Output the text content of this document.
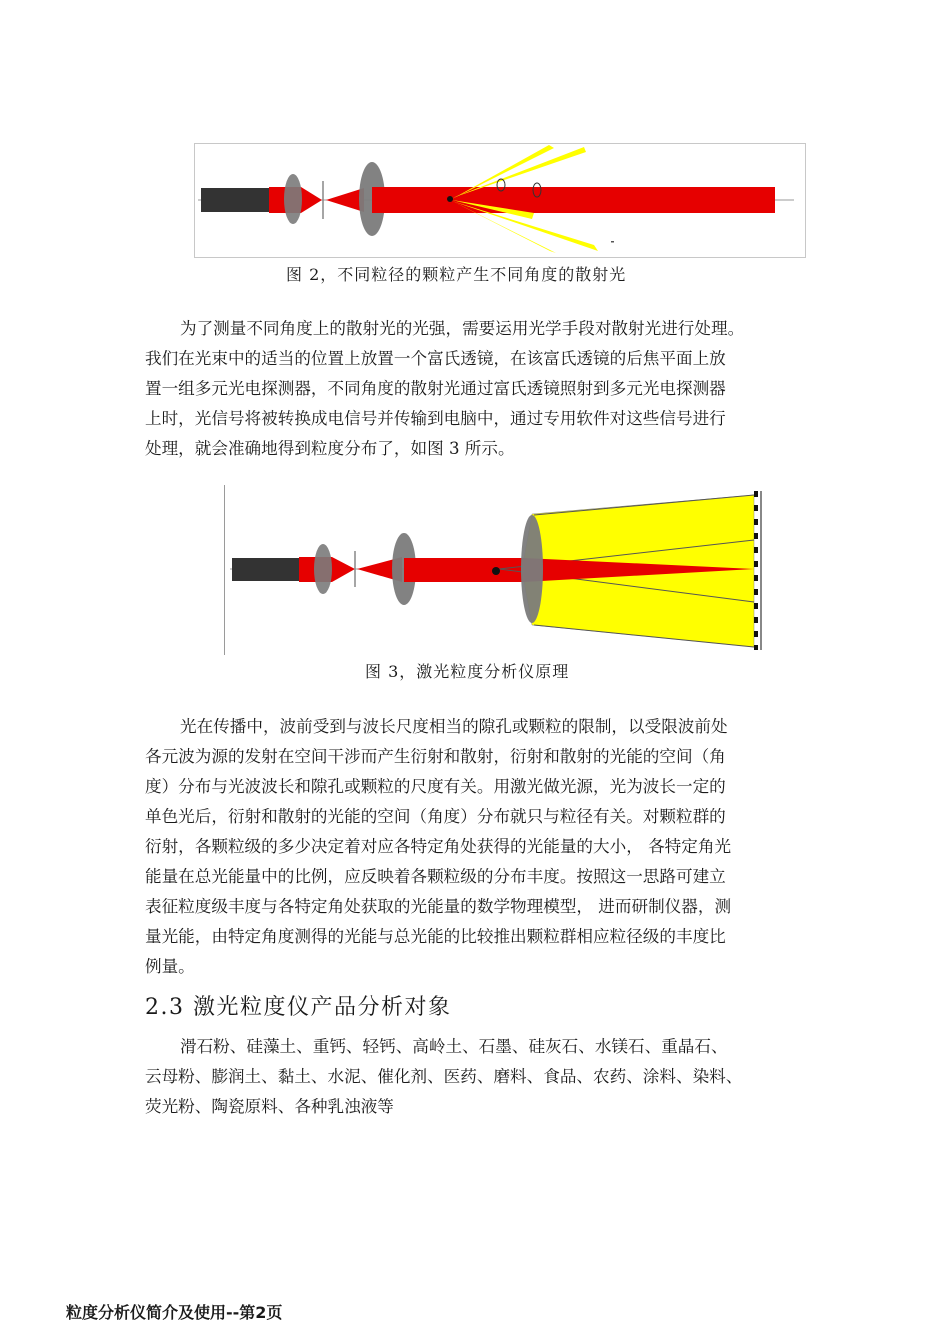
图 2，不同粒径的颗粒产生不同角度的散射光
为了测量不同角度上的散射光的光强，需要运用光学手段对散射光进行处理。
我们在光束中的适当的位置上放置一个富氏透镜，在该富氏透镜的后焦平面上放
置一组多元光电探测器，不同角度的散射光通过富氏透镜照射到多元光电探测器
上时，光信号将被转换成电信号并传输到电脑中，通过专用软件对这些信号进行
处理，就会准确地得到粒度分布了，如图 3 所示。
图 3，激光粒度分析仪原理
光在传播中，波前受到与波长尺度相当的隙孔或颗粒的限制，以受限波前处
各元波为源的发射在空间干涉而产生衍射和散射，衍射和散射的光能的空间（角
度）分布与光波波长和隙孔或颗粒的尺度有关。用激光做光源，光为波长一定的
单色光后，衍射和散射的光能的空间（角度）分布就只与粒径有关。对颗粒群的
衍射，各颗粒级的多少决定着对应各特定角处获得的光能量的大小， 各特定角光
能量在总光能量中的比例，应反映着各颗粒级的分布丰度。按照这一思路可建立
表征粒度级丰度与各特定角处获取的光能量的数学物理模型， 进而研制仪器，测
量光能，由特定角度测得的光能与总光能的比较推出颗粒群相应粒径级的丰度比
例量。
2.3 激光粒度仪产品分析对象
滑石粉、硅藻土、重钙、轻钙、高岭土、石墨、硅灰石、水镁石、重晶石、
云母粉、膨润土、黏土、水泥、催化剂、医药、磨料、食品、农药、涂料、染料、
荧光粉、陶瓷原料、各种乳浊液等
粒度分析仪简介及使用--第2页
